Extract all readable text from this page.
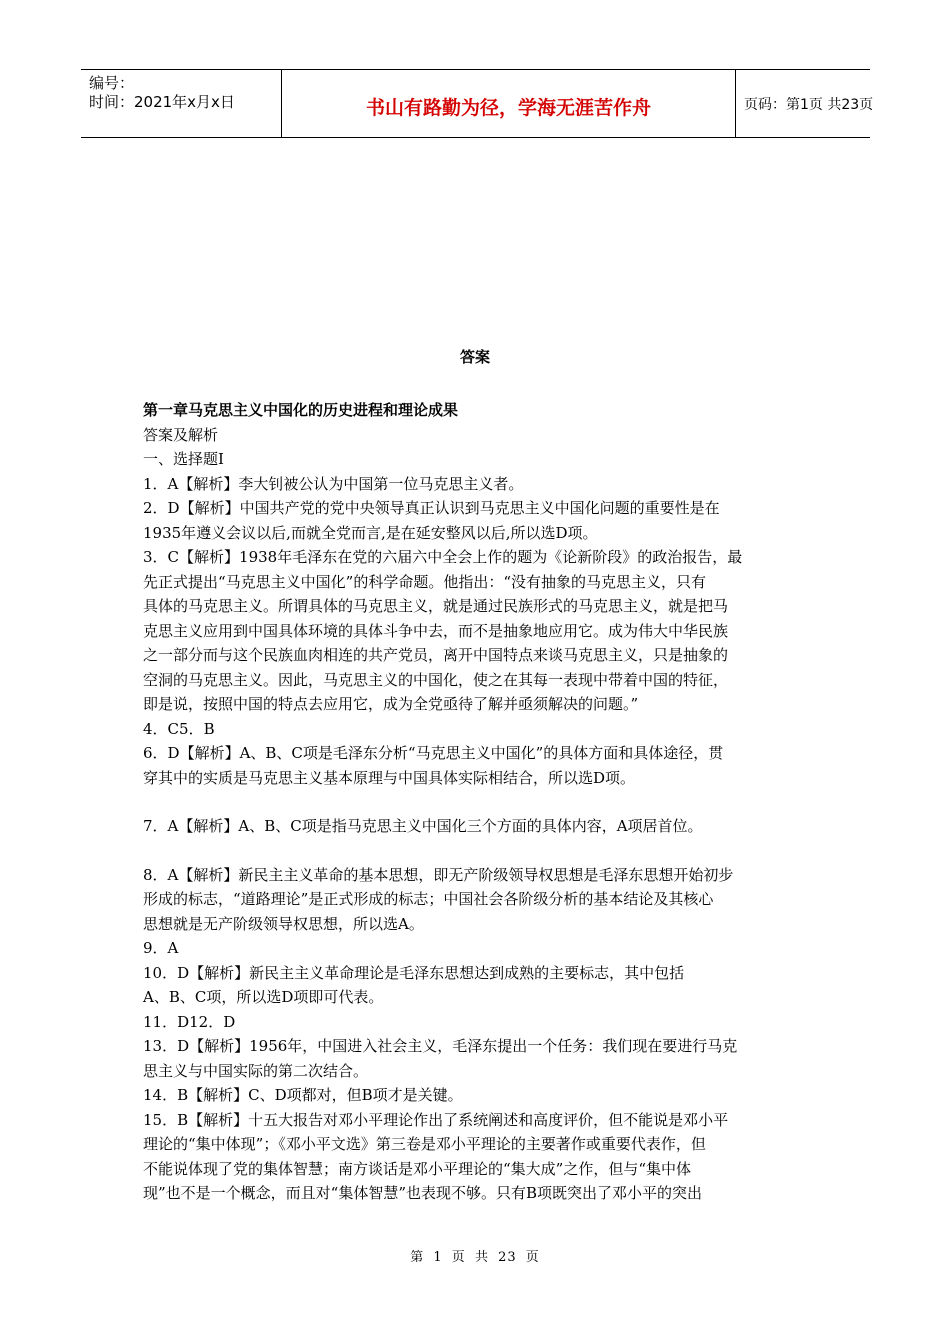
编号：
时间：2021年x月x日	书山有路勤为径，学海无涯苦作舟	页码：第1页 共23页
答案

第一章马克思主义中国化的历史进程和理论成果

答案及解析

一、选择题Ⅰ

1．A【解析】李大钊被公认为中国第一位马克思主义者。

2．D【解析】中国共产党的党中央领导真正认识到马克思主义中国化问题的重要性是在

1935年遵义会议以后,而就全党而言,是在延安整风以后,所以选D项。

3．C【解析】1938年毛泽东在党的六届六中全会上作的题为《论新阶段》的政治报告，最

先正式提出“马克思主义中国化”的科学命题。他指出：“没有抽象的马克思主义，只有

具体的马克思主义。所谓具体的马克思主义，就是通过民族形式的马克思主义，就是把马

克思主义应用到中国具体环境的具体斗争中去，而不是抽象地应用它。成为伟大中华民族

之一部分而与这个民族血肉相连的共产党员，离开中国特点来谈马克思主义，只是抽象的

空洞的马克思主义。因此，马克思主义的中国化，使之在其每一表现中带着中国的特征，

即是说，按照中国的特点去应用它，成为全党亟待了解并亟须解决的问题。”

4．C5．B

6．D【解析】A、B、C项是毛泽东分析“马克思主义中国化”的具体方面和具体途径，贯

穿其中的实质是马克思主义基本原理与中国具体实际相结合，所以选D项。

7．A【解析】A、B、C项是指马克思主义中国化三个方面的具体内容，A项居首位。

8．A【解析】新民主主义革命的基本思想，即无产阶级领导权思想是毛泽东思想开始初步

形成的标志，“道路理论”是正式形成的标志；中国社会各阶级分析的基本结论及其核心

思想就是无产阶级领导权思想，所以选A。

9．A

10．D【解析】新民主主义革命理论是毛泽东思想达到成熟的主要标志，其中包括

A、B、C项，所以选D项即可代表。

11．D12．D

13．D【解析】1956年，中国进入社会主义，毛泽东提出一个任务：我们现在要进行马克

思主义与中国实际的第二次结合。

14．B【解析】C、D项都对，但B项才是关键。

15．B【解析】十五大报告对邓小平理论作出了系统阐述和高度评价，但不能说是邓小平

理论的“集中体现”；《邓小平文选》第三卷是邓小平理论的主要著作或重要代表作，但

不能说体现了党的集体智慧；南方谈话是邓小平理论的“集大成”之作，但与“集中体

现”也不是一个概念，而且对“集体智慧”也表现不够。只有B项既突出了邓小平的突出

第 1 页 共 23 页
